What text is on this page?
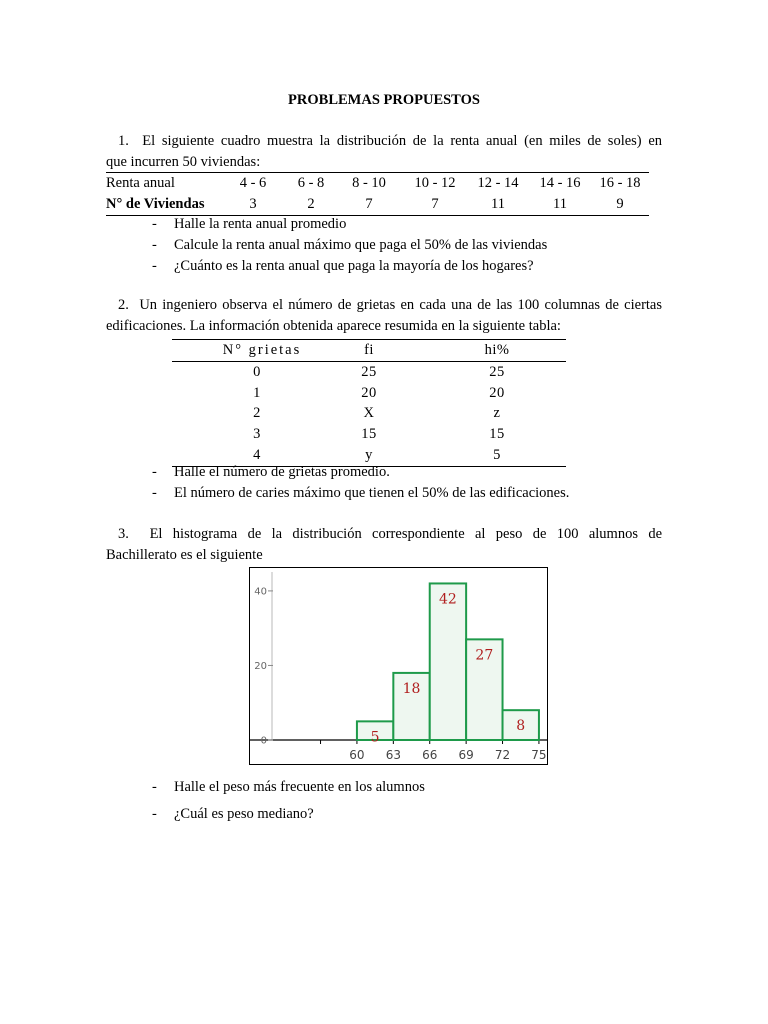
PROBLEMAS PROPUESTOS
1. El siguiente cuadro muestra la distribución de la renta anual (en miles de soles) en
que incurren 50 viviendas:
Renta anual	4 - 6	6 - 8	8 - 10	10 - 12	12 - 14	14 - 16	16 - 18
N° de Viviendas	3	2	7	7	11	11	9
- Halle la renta anual promedio
- Calcule la renta anual máximo que paga el 50% de las viviendas
- ¿Cuánto es la renta anual que paga la mayoría de los hogares?
2. Un ingeniero observa el número de grietas en cada una de las 100 columnas de ciertas
edificaciones. La información obtenida aparece resumida en la siguiente tabla:
N° grietas	fi	hi%
0	25	25
1	20	20
2	X	z
3	15	15
4	y	5
- Halle el número de grietas promedio.
- El número de caries máximo que tienen el 50% de las edificaciones.
3. El histograma de la distribución correspondiente al peso de 100 alumnos de
Bachillerato es el siguiente
0
20
40
60 63 66 69 72 75
5
18
42
27
8
- Halle el peso más frecuente en los alumnos
- ¿Cuál es peso mediano?
